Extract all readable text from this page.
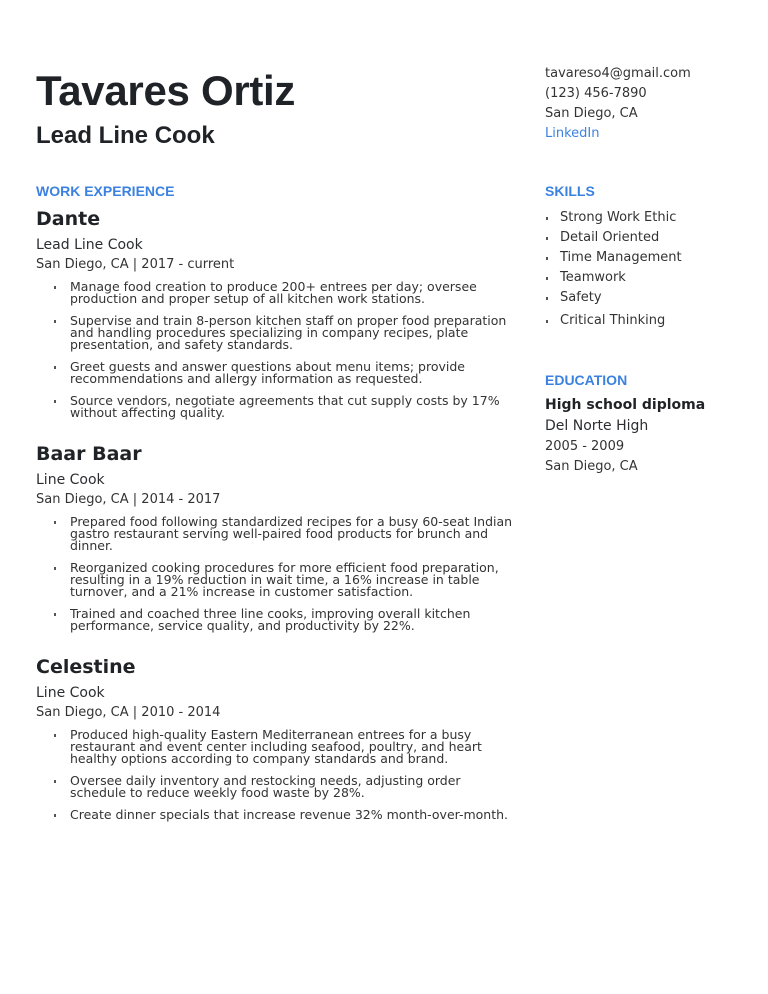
Tavares Ortiz
Lead Line Cook
tavareso4@gmail.com
(123) 456-7890
San Diego, CA
LinkedIn
WORK EXPERIENCE
Dante
Lead Line Cook
San Diego, CA | 2017 - current
Manage food creation to produce 200+ entrees per day; oversee production and proper setup of all kitchen work stations.
Supervise and train 8-person kitchen staff on proper food preparation and handling procedures specializing in company recipes, plate presentation, and safety standards.
Greet guests and answer questions about menu items; provide recommendations and allergy information as requested.
Source vendors, negotiate agreements that cut supply costs by 17% without affecting quality.
Baar Baar
Line Cook
San Diego, CA | 2014 - 2017
Prepared food following standardized recipes for a busy 60-seat Indian gastro restaurant serving well-paired food products for brunch and dinner.
Reorganized cooking procedures for more efficient food preparation, resulting in a 19% reduction in wait time, a 16% increase in table turnover, and a 21% increase in customer satisfaction.
Trained and coached three line cooks, improving overall kitchen performance, service quality, and productivity by 22%.
Celestine
Line Cook
San Diego, CA | 2010 - 2014
Produced high-quality Eastern Mediterranean entrees for a busy restaurant and event center including seafood, poultry, and heart healthy options according to company standards and brand.
Oversee daily inventory and restocking needs, adjusting order schedule to reduce weekly food waste by 28%.
Create dinner specials that increase revenue 32% month-over-month.
SKILLS
Strong Work Ethic
Detail Oriented
Time Management
Teamwork
Safety
Critical Thinking
EDUCATION
High school diploma
Del Norte High
2005 - 2009
San Diego, CA
